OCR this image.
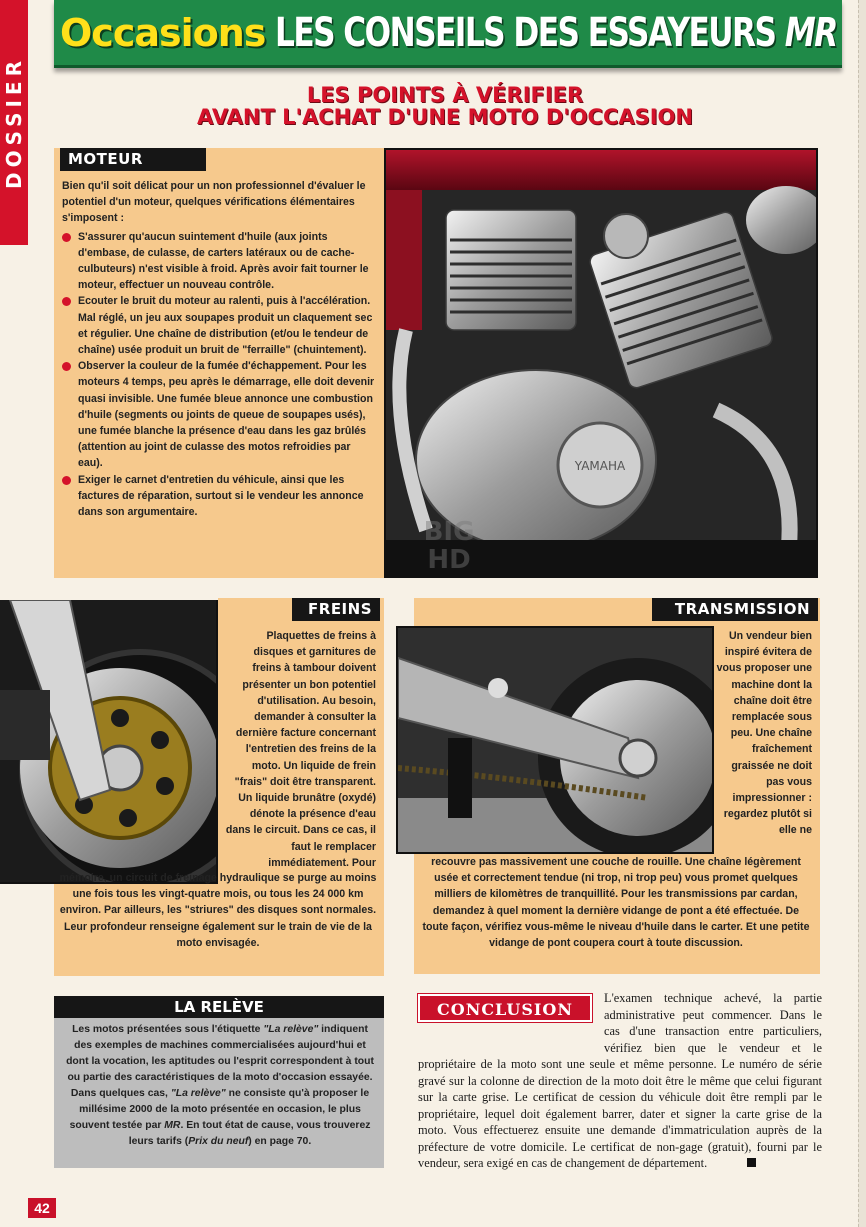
DOSSIER
Occasions LES CONSEILS DES ESSAYEURS MR
LES POINTS À VÉRIFIER
AVANT L'ACHAT D'UNE MOTO D'OCCASION
MOTEUR

Bien qu'il soit délicat pour un non professionnel d'évaluer le potentiel d'un moteur, quelques vérifications élémentaires s'imposent :

S'assurer qu'aucun suintement d'huile (aux joints d'embase, de culasse, de carters latéraux ou de cache-culbuteurs) n'est visible à froid. Après avoir fait tourner le moteur, effectuer un nouveau contrôle.
Ecouter le bruit du moteur au ralenti, puis à l'accélération. Mal réglé, un jeu aux soupapes produit un claquement sec et régulier. Une chaîne de distribution (et/ou le tendeur de chaîne) usée produit un bruit de "ferraille" (chuintement).
Observer la couleur de la fumée d'échappement. Pour les moteurs 4 temps, peu après le démarrage, elle doit devenir quasi invisible. Une fumée bleue annonce une combustion d'huile (segments ou joints de queue de soupapes usés), une fumée blanche la présence d'eau dans les gaz brûlés (attention au joint de culasse des motos refroidies par eau).
Exiger le carnet d'entretien du véhicule, ainsi que les factures de réparation, surtout si le vendeur les annonce dans son argumentaire.
YAMAHA
BIG HD
FREINS
Plaquettes de freins à disques et garnitures de freins à tambour doivent présenter un bon potentiel d'utilisation. Au besoin, demander à consulter la dernière facture concernant l'entretien des freins de la moto. Un liquide de frein "frais" doit être transparent. Un liquide brunâtre (oxydé) dénote la présence d'eau dans le circuit. Dans ce cas, il faut le remplacer immédiatement. Pour
mémoire, un circuit de freinage hydraulique se purge au moins une fois tous les vingt-quatre mois, ou tous les 24 000 km environ. Par ailleurs, les "striures" des disques sont normales. Leur profondeur renseigne également sur le train de vie de la moto envisagée.
TRANSMISSION
Un vendeur bien inspiré évitera de vous proposer une machine dont la chaîne doit être remplacée sous peu. Une chaîne fraîchement graissée ne doit pas vous impressionner : regardez plutôt si elle ne
recouvre pas massivement une couche de rouille. Une chaîne légèrement usée et correctement tendue (ni trop, ni trop peu) vous promet quelques milliers de kilomètres de tranquillité. Pour les transmissions par cardan, demandez à quel moment la dernière vidange de pont a été effectuée. De toute façon, vérifiez vous-même le niveau d'huile dans le carter. Et une petite vidange de pont coupera court à toute discussion.
LA RELÈVE
Les motos présentées sous l'étiquette "La relève" indiquent des exemples de machines commercialisées aujourd'hui et dont la vocation, les aptitudes ou l'esprit correspondent à tout ou partie des caractéristiques de la moto d'occasion essayée. Dans quelques cas, "La relève" ne consiste qu'à proposer le millésime 2000 de la moto présentée en occasion, le plus souvent testée par MR. En tout état de cause, vous trouverez leurs tarifs (Prix du neuf) en page 70.
CONCLUSION
L'examen technique achevé, la partie administrative peut commencer. Dans le cas d'une transaction entre particuliers, vérifiez bien que le vendeur et le propriétaire de la moto sont une seule et même personne. Le numéro de série gravé sur la colonne de direction de la moto doit être le même que celui figurant sur la carte grise. Le certificat de cession du véhicule doit être rempli par le propriétaire, lequel doit également barrer, dater et signer la carte grise de la moto. Vous effectuerez ensuite une demande d'immatriculation auprès de la préfecture de votre domicile. Le certificat de non-gage (gratuit), fourni par le vendeur, sera exigé en cas de changement de département.
42
